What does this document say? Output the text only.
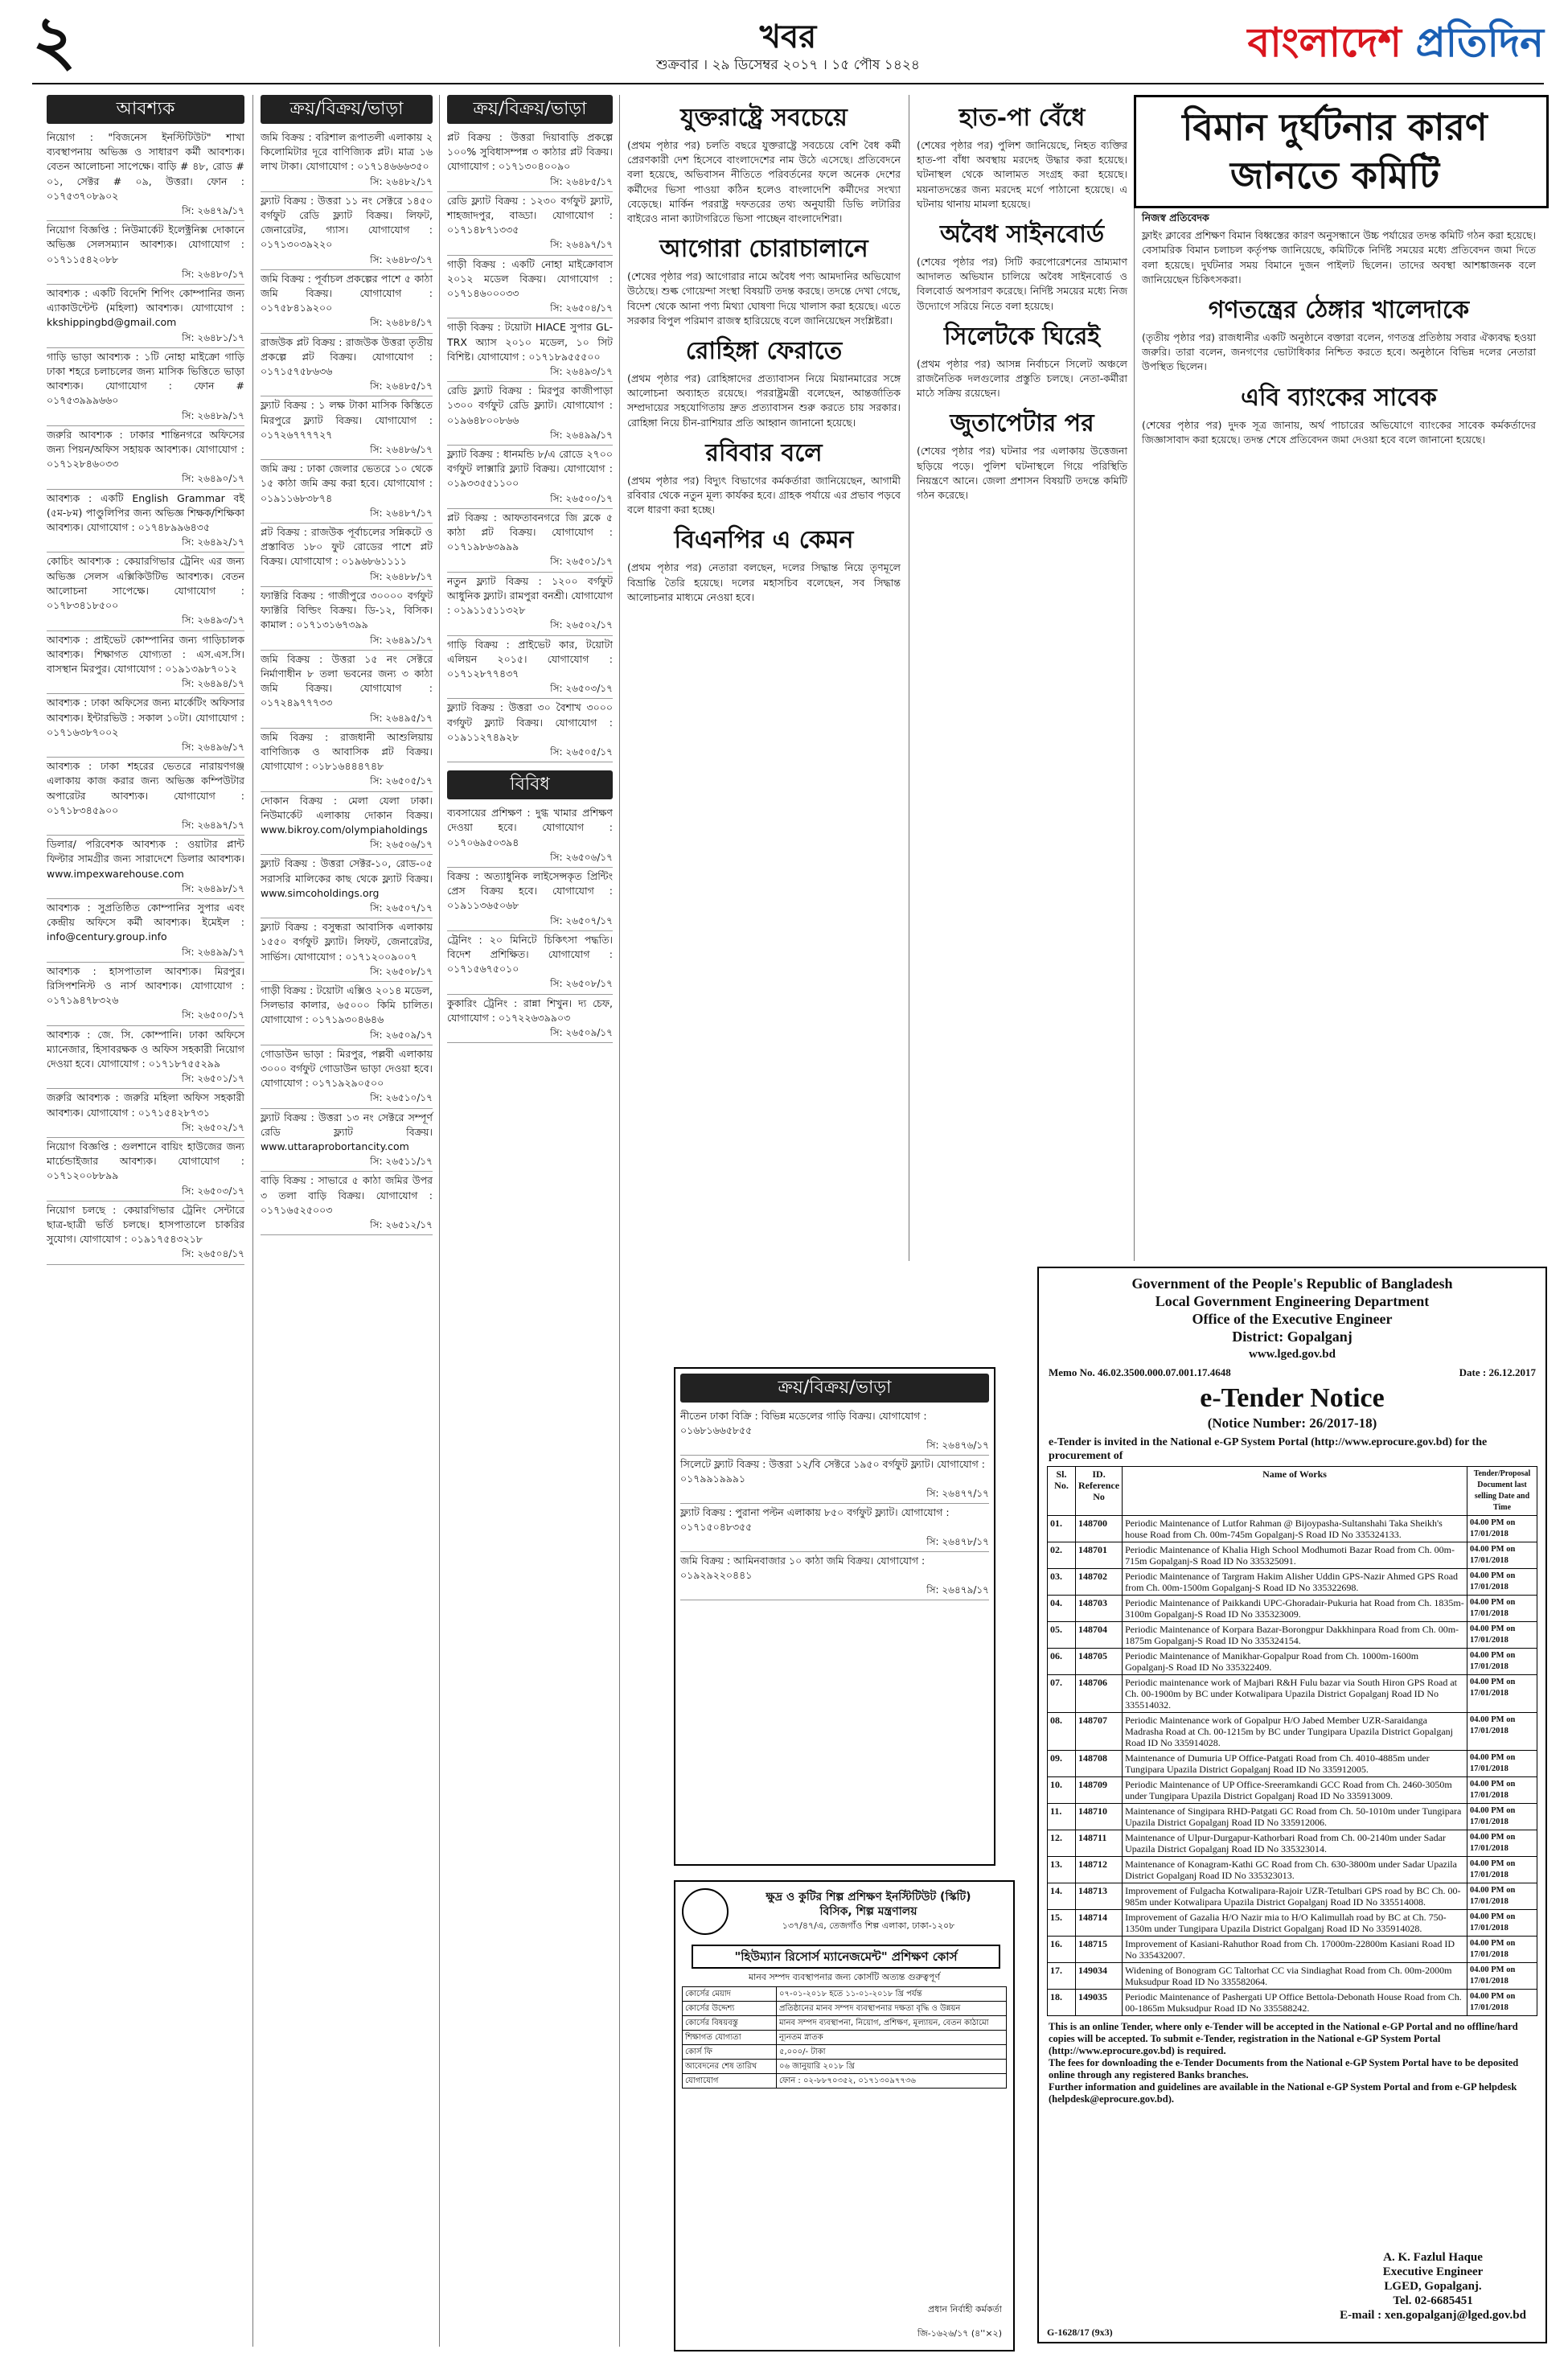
২	খবর
শুক্রবার । ২৯ ডিসেম্বর ২০১৭ । ১৫ পৌষ ১৪২৪	বাংলাদেশ প্রতিদিন
আবশ্যক
নিয়োগ : "বিজনেস ইনস্টিটিউট" শাখা ব্যবস্থাপনায় অভিজ্ঞ ও সাধারণ কর্মী আবশ্যক। বেতন আলোচনা সাপেক্ষে। বাড়ি # ৪৮, রোড # ০১, সেক্টর # ০৯, উত্তরা। ফোন : ০১৭৫৩৭০৮৯০২
সি: ২৬৪৭৯/১৭
নিয়োগ বিজ্ঞপ্তি : নিউমার্কেট ইলেক্ট্রনিক্স দোকানে অভিজ্ঞ সেলসম্যান আবশ্যক। যোগাযোগ : ০১৭১১৫৪২০৮৮
সি: ২৬৪৮০/১৭
আবশ্যক : একটি বিদেশি শিপিং কোম্পানির জন্য এ্যাকাউন্টেন্ট (মহিলা) আবশ্যক। যোগাযোগ : kkshippingbd@gmail.com
সি: ২৬৪৮১/১৭
গাড়ি ভাড়া আবশ্যক : ১টি নোহা মাইক্রো গাড়ি ঢাকা শহরে চলাচলের জন্য মাসিক ভিত্তিতে ভাড়া আবশ্যক। যোগাযোগ : ফোন # ০১৭৫৩৯৯৯৬৬০
সি: ২৬৪৮৯/১৭
জরুরি আবশ্যক : ঢাকার শান্তিনগরে অফিসের জন্য পিয়ন/অফিস সহায়ক আবশ্যক। যোগাযোগ : ০১৭১২৮৪৬০৩৩
সি: ২৬৪৯০/১৭
আবশ্যক : একটি English Grammar বই (৫ম-৮ম) পাণ্ডুলিপির জন্য অভিজ্ঞ শিক্ষক/শিক্ষিকা আবশ্যক। যোগাযোগ : ০১৭৪৮৯৯৬৪৩৫
সি: ২৬৪৯২/১৭
কোচিং আবশ্যক : কেয়ারগিভার ট্রেনিং এর জন্য অভিজ্ঞ সেলস এক্সিকিউটিভ আবশ্যক। বেতন আলোচনা সাপেক্ষে। যোগাযোগ : ০১৭৮৩৪১৮৫০০
সি: ২৬৪৯৩/১৭
আবশ্যক : প্রাইভেট কোম্পানির জন্য গাড়িচালক আবশ্যক। শিক্ষাগত যোগ্যতা : এস.এস.সি। বাসস্থান মিরপুর। যোগাযোগ : ০১৯১৩৯৮৭০১২
সি: ২৬৪৯৪/১৭
আবশ্যক : ঢাকা অফিসের জন্য মার্কেটিং অফিসার আবশ্যক। ইন্টারভিউ : সকাল ১০টা। যোগাযোগ : ০১৭১৬৩৮৭০০২
সি: ২৬৪৯৬/১৭
আবশ্যক : ঢাকা শহরের ভেতরে নারায়ণগঞ্জ এলাকায় কাজ করার জন্য অভিজ্ঞ কম্পিউটার অপারেটর আবশ্যক। যোগাযোগ : ০১৭১৮৩৪৫৯০০
সি: ২৬৪৯৭/১৭
ডিলার/ পরিবেশক আবশ্যক : ওয়াটার প্লান্ট ফিল্টার সামগ্রীর জন্য সারাদেশে ডিলার আবশ্যক। www.impexwarehouse.com
সি: ২৬৪৯৮/১৭
আবশ্যক : সুপ্রতিষ্ঠিত কোম্পানির সুপার এবং কেন্দ্রীয় অফিসে কর্মী আবশ্যক। ইমেইল : info@century.group.info
সি: ২৬৪৯৯/১৭
আবশ্যক : হাসপাতাল আবশ্যক। মিরপুর। রিসিপশনিস্ট ও নার্স আবশ্যক। যোগাযোগ : ০১৭১৯৪৭৮৩২৬
সি: ২৬৫০০/১৭
আবশ্যক : জে. সি. কোম্পানি। ঢাকা অফিসে ম্যানেজার, হিসাবরক্ষক ও অফিস সহকারী নিয়োগ দেওয়া হবে। যোগাযোগ : ০১৭১৮৭৫৫২৯৯
সি: ২৬৫০১/১৭
জরুরি আবশ্যক : জরুরি মহিলা অফিস সহকারী আবশ্যক। যোগাযোগ : ০১৭১৫৪২৮৭৩১
সি: ২৬৫০২/১৭
নিয়োগ বিজ্ঞপ্তি : গুলশানে বায়িং হাউজের জন্য মার্চেন্ডাইজার আবশ্যক। যোগাযোগ : ০১৭১২০০৮৮৯৯
সি: ২৬৫০৩/১৭
নিয়োগ চলছে : কেয়ারগিভার ট্রেনিং সেন্টারে ছাত্র-ছাত্রী ভর্তি চলছে। হাসপাতালে চাকরির সুযোগ। যোগাযোগ : ০১৯১৭৫৪৩২১৮
সি: ২৬৫০৪/১৭
ক্রয়/বিক্রয়/ভাড়া
জমি বিক্রয় : বরিশাল রূপাতলী এলাকায় ২ কিলোমিটার দূরে বাণিজ্যিক প্লট। মাত্র ১৬ লাখ টাকা। যোগাযোগ : ০১৭১৪৬৬৬৩৫০
সি: ২৬৪৮২/১৭
ফ্ল্যাট বিক্রয় : উত্তরা ১১ নং সেক্টরে ১৪৫০ বর্গফুট রেডি ফ্ল্যাট বিক্রয়। লিফট, জেনারেটর, গ্যাস। যোগাযোগ : ০১৭১৩০৩৯২২০
সি: ২৬৪৮৩/১৭
জমি বিক্রয় : পূর্বাচল প্রকল্পের পাশে ৫ কাঠা জমি বিক্রয়। যোগাযোগ : ০১৭৫৮৪১৯২০০
সি: ২৬৪৮৪/১৭
রাজউক প্লট বিক্রয় : রাজউক উত্তরা তৃতীয় প্রকল্পে প্লট বিক্রয়। যোগাযোগ : ০১৭১৫৭৫৮৬৩৬
সি: ২৬৪৮৫/১৭
ফ্ল্যাট বিক্রয় : ১ লক্ষ টাকা মাসিক কিস্তিতে মিরপুরে ফ্ল্যাট বিক্রয়। যোগাযোগ : ০১৭২৬৭৭৭৭২৭
সি: ২৬৪৮৬/১৭
জমি ক্রয় : ঢাকা জেলার ভেতরে ১০ থেকে ১৫ কাঠা জমি ক্রয় করা হবে। যোগাযোগ : ০১৯১১৬৮৩৮৭৪
সি: ২৬৪৮৭/১৭
প্লট বিক্রয় : রাজউক পূর্বাচলের সন্নিকটে ও প্রস্তাবিত ১৮০ ফুট রোডের পাশে প্লট বিক্রয়। যোগাযোগ : ০১৯৬৮৬১১১১
সি: ২৬৪৮৮/১৭
ফ্যাক্টরি বিক্রয় : গাজীপুরে ৩০০০০ বর্গফুট ফ্যাক্টরি বিল্ডিং বিক্রয়। ডি-১২, বিসিক। কামাল : ০১৭১৩১৬৭৩৯৯
সি: ২৬৪৯১/১৭
জমি বিক্রয় : উত্তরা ১৫ নং সেক্টরে নির্মাণাধীন ৮ তলা ভবনের জন্য ৩ কাঠা জমি বিক্রয়। যোগাযোগ : ০১৭২৪৯৭৭৭৩৩
সি: ২৬৪৯৫/১৭
জমি বিক্রয় : রাজধানী আশুলিয়ায় বাণিজ্যিক ও আবাসিক প্লট বিক্রয়। যোগাযোগ : ০১৮১৬৪৪৪৭৪৮
সি: ২৬৫০৫/১৭
দোকান বিক্রয় : মেলা যেলা ঢাকা। নিউমার্কেট এলাকায় দোকান বিক্রয়। www.bikroy.com/olympiaholdings
সি: ২৬৫০৬/১৭
ফ্ল্যাট বিক্রয় : উত্তরা সেক্টর-১০, রোড-০৫ সরাসরি মালিকের কাছ থেকে ফ্ল্যাট বিক্রয়। www.simcoholdings.org
সি: ২৬৫০৭/১৭
ফ্ল্যাট বিক্রয় : বসুন্ধরা আবাসিক এলাকায় ১৫৫০ বর্গফুট ফ্ল্যাট। লিফট, জেনারেটর, সার্ভিস। যোগাযোগ : ০১৭১২০০৯০০৭
সি: ২৬৫০৮/১৭
গাড়ী বিক্রয় : টয়োটা এক্সিও ২০১৪ মডেল, সিলভার কালার, ৬৫০০০ কিমি চালিত। যোগাযোগ : ০১৭১৯৩০৪৬৪৬
সি: ২৬৫০৯/১৭
গোডাউন ভাড়া : মিরপুর, পল্লবী এলাকায় ৩০০০ বর্গফুট গোডাউন ভাড়া দেওয়া হবে। যোগাযোগ : ০১৭১৯২৯০৫০০
সি: ২৬৫১০/১৭
ফ্ল্যাট বিক্রয় : উত্তরা ১৩ নং সেক্টরে সম্পূর্ণ রেডি ফ্ল্যাট বিক্রয়। www.uttaraprobortancity.com
সি: ২৬৫১১/১৭
বাড়ি বিক্রয় : সাভারে ৫ কাঠা জমির উপর ৩ তলা বাড়ি বিক্রয়। যোগাযোগ : ০১৭১৬৫২৫০০৩
সি: ২৬৫১২/১৭
ক্রয়/বিক্রয়/ভাড়া
প্লট বিক্রয় : উত্তরা দিয়াবাড়ি প্রকল্পে ১০০% সুবিধাসম্পন্ন ৩ কাঠার প্লট বিক্রয়। যোগাযোগ : ০১৭১৩০৪০০৯০
সি: ২৬৪৮৫/১৭
রেডি ফ্ল্যাট বিক্রয় : ১২৩০ বর্গফুট ফ্ল্যাট, শাহজাদপুর, বাড্ডা। যোগাযোগ : ০১৭১৪৮৭১৩৩৫
সি: ২৬৪৯৭/১৭
গাড়ী বিক্রয় : একটি নোহা মাইক্রোবাস ২০১২ মডেল বিক্রয়। যোগাযোগ : ০১৭১৪৬০০০৩৩
সি: ২৬৫০৪/১৭
গাড়ী বিক্রয় : টয়োটা HIACE সুপার GL-TRX অ্যাস ২০১০ মডেল, ১০ সিট বিশিষ্ট। যোগাযোগ : ০১৭১৮৯৫৫৫০০
সি: ২৬৪৯৩/১৭
রেডি ফ্ল্যাট বিক্রয় : মিরপুর কাজীপাড়া ১৩০০ বর্গফুট রেডি ফ্ল্যাট। যোগাযোগ : ০১৯৬৪৮০০৮৬৬
সি: ২৬৪৯৯/১৭
ফ্ল্যাট বিক্রয় : ধানমন্ডি ৮/এ রোডে ২৭০০ বর্গফুট লাক্সারি ফ্ল্যাট বিক্রয়। যোগাযোগ : ০১৯৩৩৫৫১১০০
সি: ২৬৫০০/১৭
প্লট বিক্রয় : আফতাবনগরে জি ব্লকে ৫ কাঠা প্লট বিক্রয়। যোগাযোগ : ০১৭১৯৮৬৩৯৯৯
সি: ২৬৫০১/১৭
নতুন ফ্ল্যাট বিক্রয় : ১২০০ বর্গফুট আধুনিক ফ্ল্যাট। রামপুরা বনশ্রী। যোগাযোগ : ০১৯১১৫১১৩২৮
সি: ২৬৫০২/১৭
গাড়ি বিক্রয় : প্রাইভেট কার, টয়োটা এলিয়ন ২০১৫। যোগাযোগ : ০১৭১২৮৭৭৪৩৭
সি: ২৬৫০৩/১৭
ফ্ল্যাট বিক্রয় : উত্তরা ৩০ বৈশাখ ৩০০০ বর্গফুট ফ্ল্যাট বিক্রয়। যোগাযোগ : ০১৯১১২৭৪৯২৮
সি: ২৬৫০৫/১৭
বিবিধ
ব্যবসায়ের প্রশিক্ষণ : দুগ্ধ খামার প্রশিক্ষণ দেওয়া হবে। যোগাযোগ : ০১৭০৬৯৫০৩৯৪
সি: ২৬৫০৬/১৭
বিক্রয় : অত্যাধুনিক লাইসেন্সকৃত প্রিন্টিং প্রেস বিক্রয় হবে। যোগাযোগ : ০১৯১১৩৬৫০৬৮
সি: ২৬৫০৭/১৭
ট্রেনিং : ২০ মিনিটে চিকিৎসা পদ্ধতি। বিদেশ প্রশিক্ষিত। যোগাযোগ : ০১৭১৫৬৭৫০১০
সি: ২৬৫০৮/১৭
কুকারিং ট্রেনিং : রান্না শিখুন। দ্য চেফ, যোগাযোগ : ০১৭২২৬৩৯৯০৩
সি: ২৬৫০৯/১৭
যুক্তরাষ্ট্রে সবচেয়ে

(প্রথম পৃষ্ঠার পর) চলতি বছরে যুক্তরাষ্ট্রে সবচেয়ে বেশি বৈধ কর্মী প্রেরণকারী দেশ হিসেবে বাংলাদেশের নাম উঠে এসেছে। প্রতিবেদনে বলা হয়েছে, অভিবাসন নীতিতে পরিবর্তনের ফলে অনেক দেশের কর্মীদের ভিসা পাওয়া কঠিন হলেও বাংলাদেশি কর্মীদের সংখ্যা বেড়েছে। মার্কিন পররাষ্ট্র দফতরের তথ্য অনুযায়ী ডিভি লটারির বাইরেও নানা ক্যাটাগরিতে ভিসা পাচ্ছেন বাংলাদেশিরা।

আগোরা চোরাচালানে

(শেষের পৃষ্ঠার পর) আগোরার নামে অবৈধ পণ্য আমদানির অভিযোগ উঠেছে। শুল্ক গোয়েন্দা সংস্থা বিষয়টি তদন্ত করছে। তদন্তে দেখা গেছে, বিদেশ থেকে আনা পণ্য মিথ্যা ঘোষণা দিয়ে খালাস করা হয়েছে। এতে সরকার বিপুল পরিমাণ রাজস্ব হারিয়েছে বলে জানিয়েছেন সংশ্লিষ্টরা।

রোহিঙ্গা ফেরাতে

(প্রথম পৃষ্ঠার পর) রোহিঙ্গাদের প্রত্যাবাসন নিয়ে মিয়ানমারের সঙ্গে আলোচনা অব্যাহত রয়েছে। পররাষ্ট্রমন্ত্রী বলেছেন, আন্তর্জাতিক সম্প্রদায়ের সহযোগিতায় দ্রুত প্রত্যাবাসন শুরু করতে চায় সরকার। রোহিঙ্গা নিয়ে চীন-রাশিয়ার প্রতি আহ্বান জানানো হয়েছে।

রবিবার বলে

(প্রথম পৃষ্ঠার পর) বিদ্যুৎ বিভাগের কর্মকর্তারা জানিয়েছেন, আগামী রবিবার থেকে নতুন মূল্য কার্যকর হবে। গ্রাহক পর্যায়ে এর প্রভাব পড়বে বলে ধারণা করা হচ্ছে।

বিএনপির এ কেমন

(প্রথম পৃষ্ঠার পর) নেতারা বলছেন, দলের সিদ্ধান্ত নিয়ে তৃণমূলে বিভ্রান্তি তৈরি হয়েছে। দলের মহাসচিব বলেছেন, সব সিদ্ধান্ত আলোচনার মাধ্যমে নেওয়া হবে।

ক্রয়/বিক্রয়/ভাড়া
নীতেন ঢাকা বিক্রি : বিভিন্ন মডেলের গাড়ি বিক্রয়। যোগাযোগ : ০১৬৮১৬৬৫৮৫৫
সি: ২৬৪৭৬/১৭
সিলেটে ফ্ল্যাট বিক্রয় : উত্তরা ১২/বি সেক্টরে ১৯৫০ বর্গফুট ফ্ল্যাট। যোগাযোগ : ০১৭৯৯১৯৯৯১
সি: ২৬৪৭৭/১৭
ফ্ল্যাট বিক্রয় : পুরানা পল্টন এলাকায় ৮৫০ বর্গফুট ফ্ল্যাট। যোগাযোগ : ০১৭১৫০৪৮৩৫৫
সি: ২৬৪৭৮/১৭
জমি বিক্রয় : আমিনবাজার ১০ কাঠা জমি বিক্রয়। যোগাযোগ : ০১৯২৯২২০৪৪১
সি: ২৬৪৭৯/১৭
ক্ষুদ্র ও কুটির শিল্প প্রশিক্ষণ ইনস্টিটিউট (স্কিটি)
বিসিক, শিল্প মন্ত্রণালয়
১৩৭/৪৭/এ, তেজগাঁও শিল্প এলাকা, ঢাকা-১২০৮
"হিউম্যান রিসোর্স ম্যানেজমেন্ট" প্রশিক্ষণ কোর্স
মানব সম্পদ ব্যবস্থাপনার জন্য কোর্সটি অত্যন্ত গুরুত্বপূর্ণ
কোর্সের মেয়াদ	০৭-০১-২০১৮ হতে ১১-০১-২০১৮ খ্রি পর্যন্ত
কোর্সের উদ্দেশ্য	প্রতিষ্ঠানের মানব সম্পদ ব্যবস্থাপনার দক্ষতা বৃদ্ধি ও উন্নয়ন
কোর্সের বিষয়বস্তু	মানব সম্পদ ব্যবস্থাপনা, নিয়োগ, প্রশিক্ষণ, মূল্যায়ন, বেতন কাঠামো
শিক্ষাগত যোগ্যতা	ন্যূনতম স্নাতক
কোর্স ফি	৫,০০০/- টাকা
আবেদনের শেষ তারিখ	০৬ জানুয়ারি ২০১৮ খ্রি
যোগাযোগ	ফোন : ০২-৮৮৭০৩৫২, ০১৭১৩০৯৭৭৩৬
প্রধান নির্বাহী কর্মকর্তা
জি-১৬২৬/১৭ (৪''×২)
হাত-পা বেঁধে

(শেষের পৃষ্ঠার পর) পুলিশ জানিয়েছে, নিহত ব্যক্তির হাত-পা বাঁধা অবস্থায় মরদেহ উদ্ধার করা হয়েছে। ঘটনাস্থল থেকে আলামত সংগ্রহ করা হয়েছে। ময়নাতদন্তের জন্য মরদেহ মর্গে পাঠানো হয়েছে। এ ঘটনায় থানায় মামলা হয়েছে।

অবৈধ সাইনবোর্ড

(শেষের পৃষ্ঠার পর) সিটি করপোরেশনের ভ্রাম্যমাণ আদালত অভিযান চালিয়ে অবৈধ সাইনবোর্ড ও বিলবোর্ড অপসারণ করেছে। নির্দিষ্ট সময়ের মধ্যে নিজ উদ্যোগে সরিয়ে নিতে বলা হয়েছে।

সিলেটকে ঘিরেই

(প্রথম পৃষ্ঠার পর) আসন্ন নির্বাচনে সিলেট অঞ্চলে রাজনৈতিক দলগুলোর প্রস্তুতি চলছে। নেতা-কর্মীরা মাঠে সক্রিয় রয়েছেন।

জুতাপেটার পর

(শেষের পৃষ্ঠার পর) ঘটনার পর এলাকায় উত্তেজনা ছড়িয়ে পড়ে। পুলিশ ঘটনাস্থলে গিয়ে পরিস্থিতি নিয়ন্ত্রণে আনে। জেলা প্রশাসন বিষয়টি তদন্তে কমিটি গঠন করেছে।

বিমান দুর্ঘটনার কারণ জানতে কমিটি

নিজস্ব প্রতিবেদক

ফ্লাইং ক্লাবের প্রশিক্ষণ বিমান বিধ্বস্তের কারণ অনুসন্ধানে উচ্চ পর্যায়ের তদন্ত কমিটি গঠন করা হয়েছে। বেসামরিক বিমান চলাচল কর্তৃপক্ষ জানিয়েছে, কমিটিকে নির্দিষ্ট সময়ের মধ্যে প্রতিবেদন জমা দিতে বলা হয়েছে। দুর্ঘটনার সময় বিমানে দুজন পাইলট ছিলেন। তাদের অবস্থা আশঙ্কাজনক বলে জানিয়েছেন চিকিৎসকরা।

গণতন্ত্রের ঠেঙ্গার খালেদাকে

(তৃতীয় পৃষ্ঠার পর) রাজধানীর একটি অনুষ্ঠানে বক্তারা বলেন, গণতন্ত্র প্রতিষ্ঠায় সবার ঐক্যবদ্ধ হওয়া জরুরি। তারা বলেন, জনগণের ভোটাধিকার নিশ্চিত করতে হবে। অনুষ্ঠানে বিভিন্ন দলের নেতারা উপস্থিত ছিলেন।

এবি ব্যাংকের সাবেক

(শেষের পৃষ্ঠার পর) দুদক সূত্র জানায়, অর্থ পাচারের অভিযোগে ব্যাংকের সাবেক কর্মকর্তাদের জিজ্ঞাসাবাদ করা হয়েছে। তদন্ত শেষে প্রতিবেদন জমা দেওয়া হবে বলে জানানো হয়েছে।

Government of the People's Republic of Bangladesh
Local Government Engineering Department
Office of the Executive Engineer
District: Gopalganj
www.lged.gov.bd
Memo No. 46.02.3500.000.07.001.17.4648	Date : 26.12.2017
e-Tender Notice
(Notice Number: 26/2017-18)
e-Tender is invited in the National e-GP System Portal (http://www.eprocure.gov.bd) for the procurement of
Sl. No.	ID. Reference No	Name of Works	Tender/Proposal Document last selling Date and Time
01.	148700	Periodic Maintenance of Lutfor Rahman @ Bijoypasha-Sultanshahi Taka Sheikh's house Road from Ch. 00m-745m Gopalganj-S Road ID No 335324133.	04.00 PM on 17/01/2018
02.	148701	Periodic Maintenance of Khalia High School Modhumoti Bazar Road from Ch. 00m-715m Gopalganj-S Road ID No 335325091.	04.00 PM on 17/01/2018
03.	148702	Periodic Maintenance of Targram Hakim Alisher Uddin GPS-Nazir Ahmed GPS Road from Ch. 00m-1500m Gopalganj-S Road ID No 335322698.	04.00 PM on 17/01/2018
04.	148703	Periodic Maintenance of Paikkandi UPC-Ghoradair-Pukuria hat Road from Ch. 1835m-3100m Gopalganj-S Road ID No 335323009.	04.00 PM on 17/01/2018
05.	148704	Periodic Maintenance of Korpara Bazar-Borongpur Dakkhinpara Road from Ch. 00m-1875m Gopalganj-S Road ID No 335324154.	04.00 PM on 17/01/2018
06.	148705	Periodic Maintenance of Manikhar-Gopalpur Road from Ch. 1000m-1600m Gopalganj-S Road ID No 335322409.	04.00 PM on 17/01/2018
07.	148706	Periodic maintenance work of Majbari R&H Fulu bazar via South Hiron GPS Road at Ch. 00-1900m by BC under Kotwalipara Upazila District Gopalganj Road ID No 335514032.	04.00 PM on 17/01/2018
08.	148707	Periodic Maintenance work of Gopalpur H/O Jabed Member UZR-Saraidanga Madrasha Road at Ch. 00-1215m by BC under Tungipara Upazila District Gopalganj Road ID No 335914028.	04.00 PM on 17/01/2018
09.	148708	Maintenance of Dumuria UP Office-Patgati Road from Ch. 4010-4885m under Tungipara Upazila District Gopalganj Road ID No 335912005.	04.00 PM on 17/01/2018
10.	148709	Periodic Maintenance of UP Office-Sreeramkandi GCC Road from Ch. 2460-3050m under Tungipara Upazila District Gopalganj Road ID No 335913009.	04.00 PM on 17/01/2018
11.	148710	Maintenance of Singipara RHD-Patgati GC Road from Ch. 50-1010m under Tungipara Upazila District Gopalganj Road ID No 335912006.	04.00 PM on 17/01/2018
12.	148711	Maintenance of Ulpur-Durgapur-Kathorbari Road from Ch. 00-2140m under Sadar Upazila District Gopalganj Road ID No 335323014.	04.00 PM on 17/01/2018
13.	148712	Maintenance of Konagram-Kathi GC Road from Ch. 630-3800m under Sadar Upazila District Gopalganj Road ID No 335323013.	04.00 PM on 17/01/2018
14.	148713	Improvement of Fulgacha Kotwalipara-Rajoir UZR-Tetulbari GPS road by BC Ch. 00-985m under Kotwalipara Upazila District Gopalganj Road ID No 335514008.	04.00 PM on 17/01/2018
15.	148714	Improvement of Gazalia H/O Nazir mia to H/O Kalimullah road by BC at Ch. 750-1350m under Tungipara Upazila District Gopalganj Road ID No 335914028.	04.00 PM on 17/01/2018
16.	148715	Improvement of Kasiani-Rahuthor Road from Ch. 17000m-22800m Kasiani Road ID No 335432007.	04.00 PM on 17/01/2018
17.	149034	Widening of Bonogram GC Taltorhat CC via Sindiaghat Road from Ch. 00m-2000m Muksudpur Road ID No 335582064.	04.00 PM on 17/01/2018
18.	149035	Periodic Maintenance of Pashergati UP Office Bettola-Debonath House Road from Ch. 00-1865m Muksudpur Road ID No 335588242.	04.00 PM on 17/01/2018
This is an online Tender, where only e-Tender will be accepted in the National e-GP Portal and no offline/hard copies will be accepted. To submit e-Tender, registration in the National e-GP System Portal (http://www.eprocure.gov.bd) is required.
The fees for downloading the e-Tender Documents from the National e-GP System Portal have to be deposited online through any registered Banks branches.
Further information and guidelines are available in the National e-GP System Portal and from e-GP helpdesk (helpdesk@eprocure.gov.bd).
A. K. Fazlul Haque
Executive Engineer
LGED, Gopalganj.
Tel. 02-6685451
E-mail : xen.gopalganj@lged.gov.bd
G-1628/17 (9x3)
